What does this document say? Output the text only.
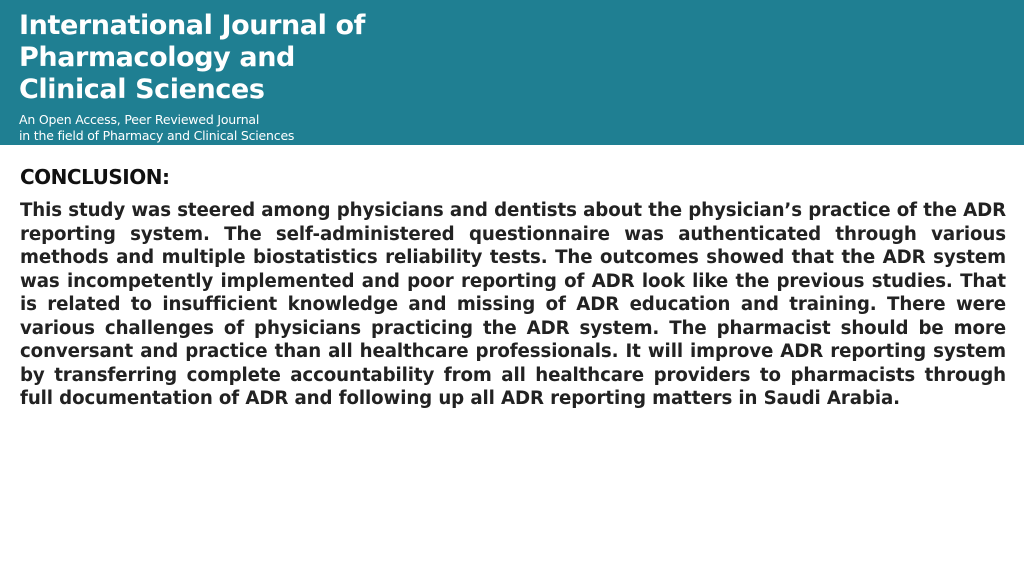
International Journal of
Pharmacology and
Clinical Sciences

An Open Access, Peer Reviewed Journal
in the field of Pharmacy and Clinical Sciences

CONCLUSION:

This study was steered among physicians and dentists about the physician’s practice of the ADR reporting system. The self-administered questionnaire was authenticated through various methods and multiple biostatistics reliability tests. The outcomes showed that the ADR system was incompetently implemented and poor reporting of ADR look like the previous studies. That is related to insufficient knowledge and missing of ADR education and training. There were various challenges of physicians practicing the ADR system. The pharmacist should be more conversant and practice than all healthcare professionals. It will improve ADR reporting system by transferring complete accountability from all healthcare providers to pharmacists through full documentation of ADR and following up all ADR reporting matters in Saudi Arabia.
